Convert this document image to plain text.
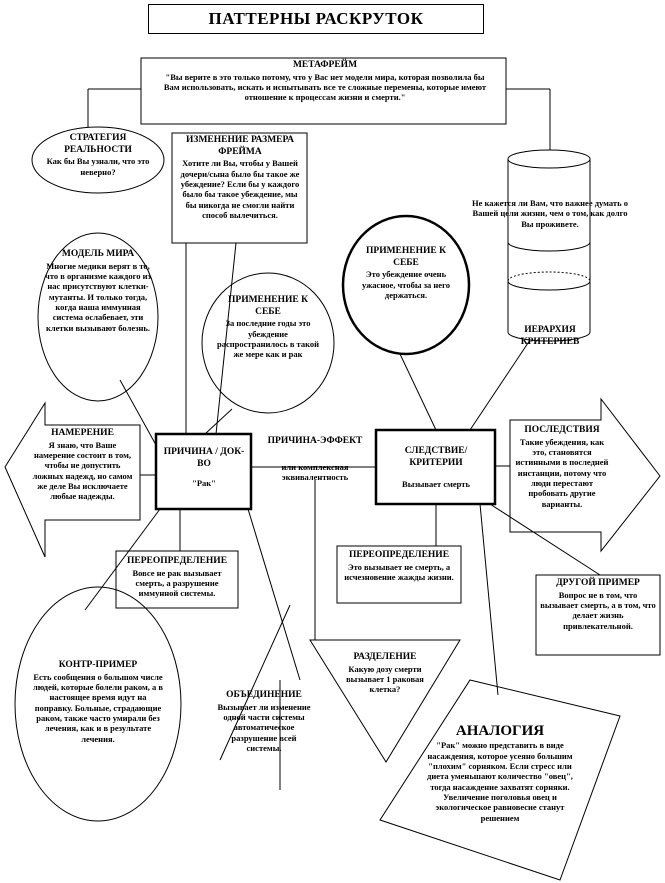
ПАТТЕРНЫ РАСКРУТОК
МЕТАФРЕЙМ
"Вы верите в это только потому, что у Вас нет модели мира, которая позволила бы Вам использовать, искать и испытывать все те сложные перемены, которые имеют отношение к процессам жизни и смерти."
СТРАТЕГИЯ РЕАЛЬНОСТИ
Как бы Вы узнали, что это неверно?
ИЗМЕНЕНИЕ РАЗМЕРА ФРЕЙМА
Хотите ли Вы, чтобы у Вашей дочери/сына было бы такое же убеждение? Если бы у каждого было бы такое убеждение, мы бы никогда не смогли найти способ вылечиться.
Не кажется ли Вам, что важнее думать о Вашей цели жизни, чем о том, как долго Вы проживете.
МОДЕЛЬ МИРА
Многие медики верят в то, что в организме каждого из нас присутствуют клетки-мутанты. И только тогда, когда наша иммунная система ослабевает, эти клетки вызывают болезнь.
ПРИМЕНЕНИЕ К СЕБЕ
За последние годы это убеждение распространилось в такой же мере как и рак
ПРИМЕНЕНИЕ К СЕБЕ
Это убеждение очень ужасное, чтобы за него держаться.
ИЕРАРХИЯ КРИТЕРИЕВ
НАМЕРЕНИЕ
Я знаю, что Ваше намерение состоит в том, чтобы не допустить ложных надежд, но самом же деле Вы исключаете любые надежды.
ПРИЧИНА / ДОК-ВО
"Рак"
ПРИЧИНА-ЭФФЕКТ
или комплексная эквивалентность
СЛЕДСТВИЕ/ КРИТЕРИИ
Вызывает смерть
ПОСЛЕДСТВИЯ
Такие убеждения, как это, становятся истинными в последней инстанции, потому что люди перестают пробовать другие варианты.
ПЕРЕОПРЕДЕЛЕНИЕ
Вовсе не рак вызывает смерть, а разрушение иммунной системы.
ПЕРЕОПРЕДЕЛЕНИЕ
Это вызывает не смерть, а исчезновение жажды жизни.
ДРУГОЙ ПРИМЕР
Вопрос не в том, что вызывает смерть, а в том, что делает жизнь привлекательной.
КОНТР-ПРИМЕР
Есть сообщения о большом числе людей, которые болели раком, а в настоящее время идут на поправку. Больные, страдающие раком, также часто умирали без лечения, как и в результате лечения.
ОБЪЕДИНЕНИЕ
Вызывает ли изменение одной части системы автоматическое разрушение всей системы.
РАЗДЕЛЕНИЕ
Какую дозу смерти вызывает 1 раковая клетка?
АНАЛОГИЯ
"Рак" можно представить в виде насаждения, которое усеяно большим "плохим" сорняком. Если стресс или диета уменьшают количество "овец", тогда насаждение захватят сорняки. Увеличение поголовья овец и экологическое равновесие станут решением
